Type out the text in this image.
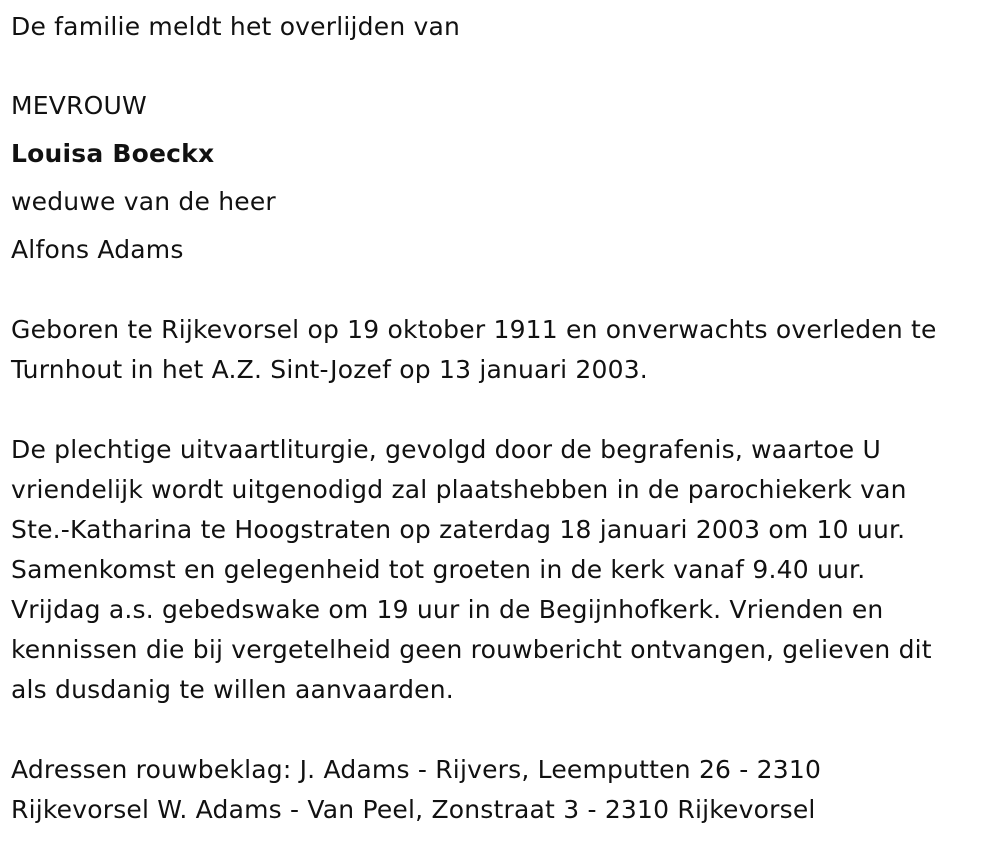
De familie meldt het overlijden van
MEVROUW
Louisa Boeckx
weduwe van de heer
Alfons Adams
Geboren te Rijkevorsel op 19 oktober 1911 en onverwachts overleden te
Turnhout in het A.Z. Sint-Jozef op 13 januari 2003.
De plechtige uitvaartliturgie, gevolgd door de begrafenis, waartoe U
vriendelijk wordt uitgenodigd zal plaatshebben in de parochiekerk van
Ste.-Katharina te Hoogstraten op zaterdag 18 januari 2003 om 10 uur.
Samenkomst en gelegenheid tot groeten in de kerk vanaf 9.40 uur.
Vrijdag a.s. gebedswake om 19 uur in de Begijnhofkerk. Vrienden en
kennissen die bij vergetelheid geen rouwbericht ontvangen, gelieven dit
als dusdanig te willen aanvaarden.
Adressen rouwbeklag: J. Adams - Rijvers, Leemputten 26 - 2310
Rijkevorsel W. Adams - Van Peel, Zonstraat 3 - 2310 Rijkevorsel
